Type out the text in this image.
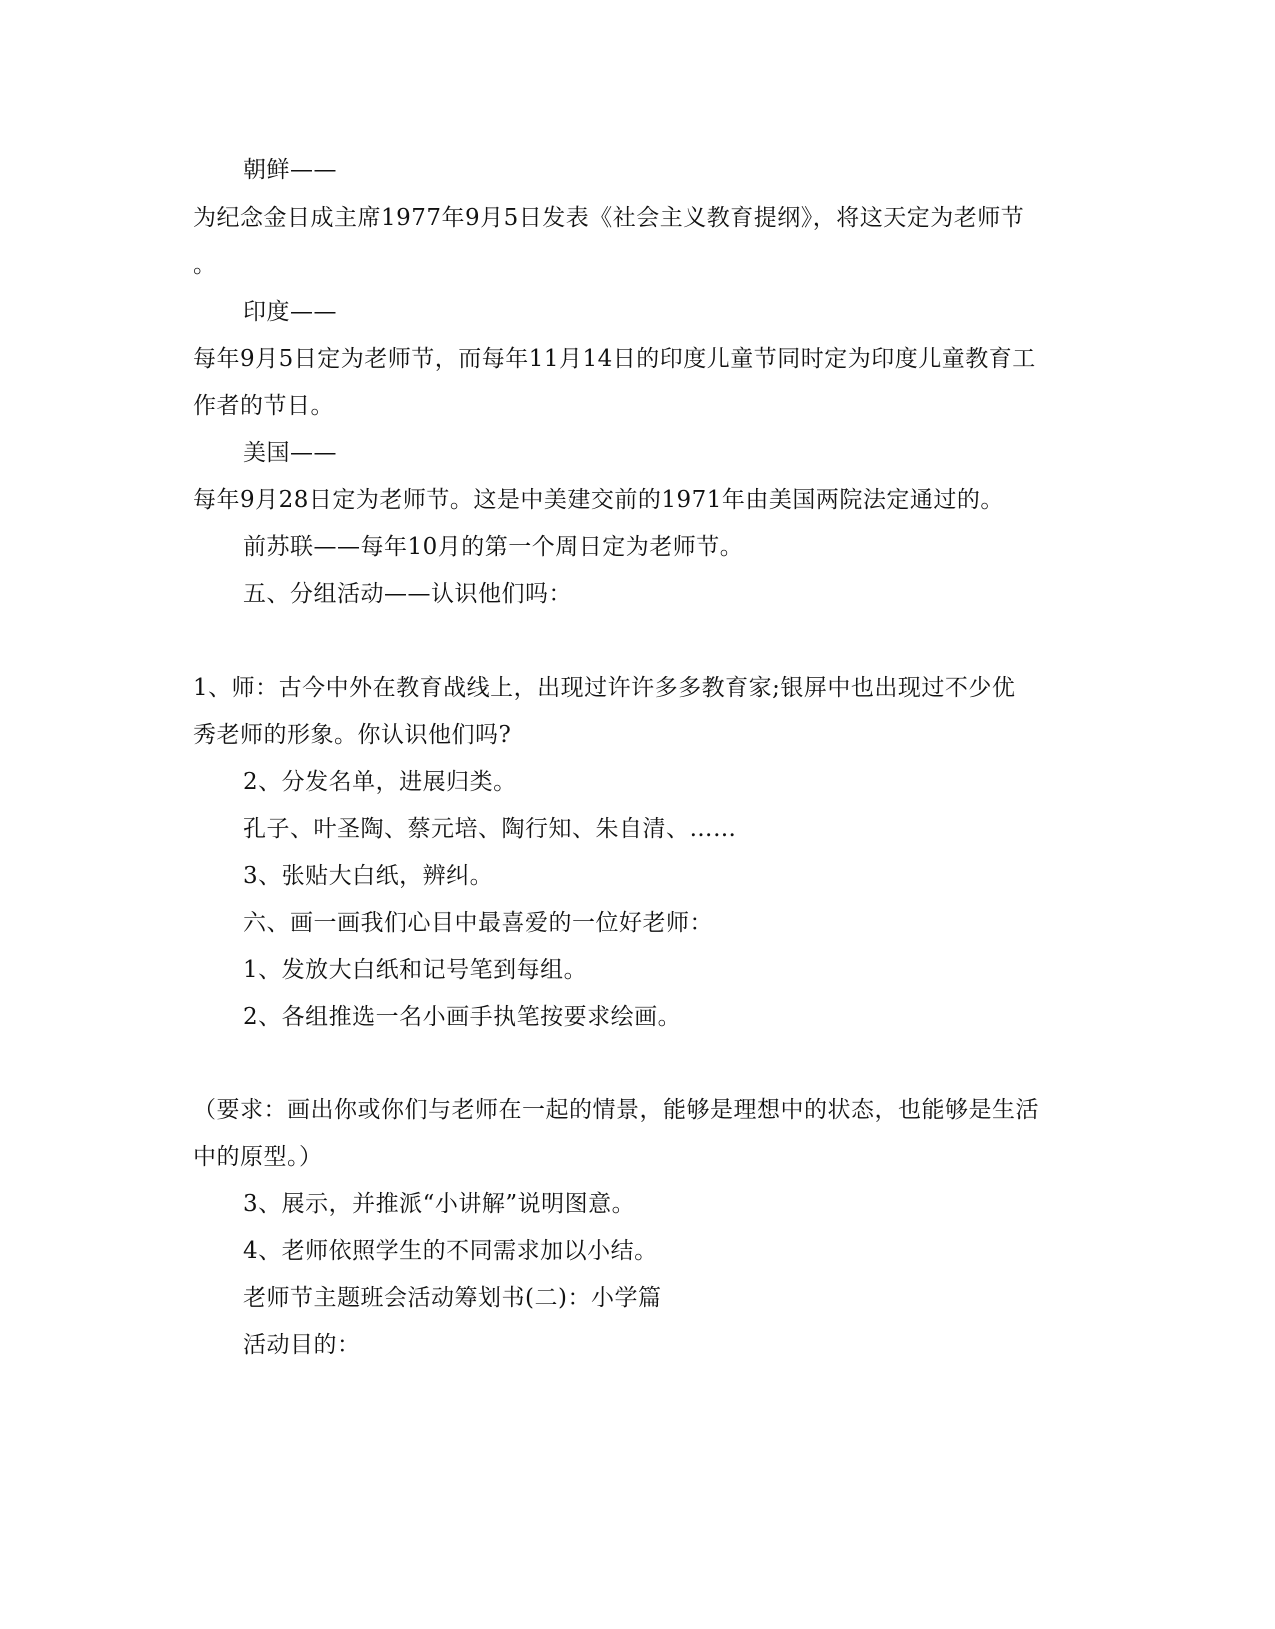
朝鲜——
为纪念金日成主席1977年9月5日发表《社会主义教育提纲》，将这天定为老师节
。
印度——
每年9月5日定为老师节，而每年11月14日的印度儿童节同时定为印度儿童教育工
作者的节日。
美国——
每年9月28日定为老师节。这是中美建交前的1971年由美国两院法定通过的。
前苏联——每年10月的第一个周日定为老师节。
五、分组活动——认识他们吗：
1、师：古今中外在教育战线上，出现过许许多多教育家;银屏中也出现过不少优
秀老师的形象。你认识他们吗?
2、分发名单，进展归类。
孔子、叶圣陶、蔡元培、陶行知、朱自清、……
3、张贴大白纸，辨纠。
六、画一画我们心目中最喜爱的一位好老师：
1、发放大白纸和记号笔到每组。
2、各组推选一名小画手执笔按要求绘画。
（要求：画出你或你们与老师在一起的情景，能够是理想中的状态，也能够是生活
中的原型。）
3、展示，并推派“小讲解”说明图意。
4、老师依照学生的不同需求加以小结。
老师节主题班会活动筹划书(二)：小学篇
活动目的：
